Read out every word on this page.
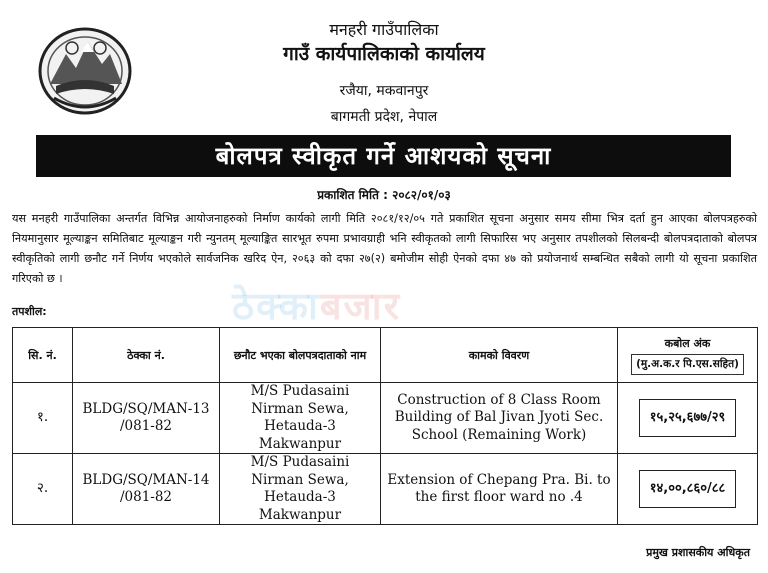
मनहरी गाउँपालिका
गाउँ कार्यपालिकाको कार्यालय
रजैया, मकवानपुर
बागमती प्रदेश, नेपाल
बोलपत्र स्वीकृत गर्ने आशयको सूचना
प्रकाशित मिति : २०८२/०१/०३
यस मनहरी गाउँपालिका अन्तर्गत विभिन्न आयोजनाहरुको निर्माण कार्यको लागी मिति २०८१/१२/०५ गते प्रकाशित सूचना अनुसार समय सीमा भित्र दर्ता हुन आएका बोलपत्रहरुको नियमानुसार मूल्याङ्कन समितिबाट मूल्याङ्कन गरी न्युनतम् मूल्याङ्कित सारभूत रुपमा प्रभावग्राही भनि स्वीकृतको लागी सिफारिस भए अनुसार तपशीलको सिलबन्दी बोलपत्रदाताको बोलपत्र स्वीकृतिको लागी छनौट गर्ने निर्णय भएकोले सार्वजनिक खरिद ऐन, २०६३ को दफा २७(२) बमोजीम सोही ऐनको दफा ४७ को प्रयोजनार्थ सम्बन्धित सबैको लागी यो सूचना प्रकाशित गरिएको छ ।
ठेक्काबजार
तपशील:
सि. नं.	ठेक्का नं.	छनौट भएका बोलपत्रदाताको नाम	कामको विवरण	कबोल अंक
(मु.अ.क.र पि.एस.सहित)
१.	BLDG/SQ/MAN-13 /081-82	M/S Pudasaini Nirman Sewa, Hetauda-3 Makwanpur	Construction of 8 Class Room Building of Bal Jivan Jyoti Sec. School (Remaining Work)	१५,२५,६७७/२९
२.	BLDG/SQ/MAN-14 /081-82	M/S Pudasaini Nirman Sewa, Hetauda-3 Makwanpur	Extension of Chepang Pra. Bi. to the first floor ward no .4	१४,००,८६०/८८
प्रमुख प्रशासकीय अधिकृत
